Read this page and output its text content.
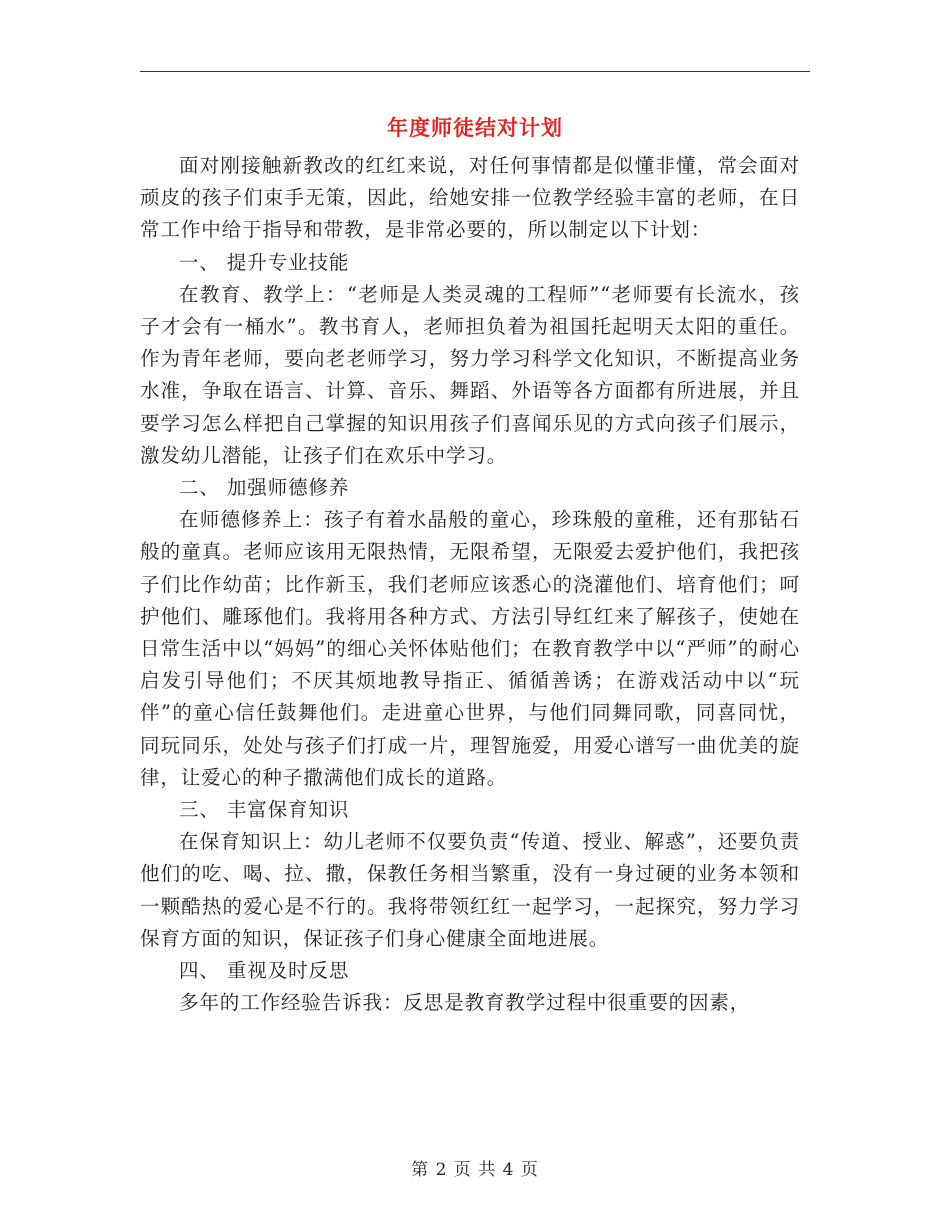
年度师徒结对计划

面对刚接触新教改的红红来说，对任何事情都是似懂非懂，常会面对顽皮的孩子们束手无策，因此，给她安排一位教学经验丰富的老师，在日常工作中给于指导和带教，是非常必要的，所以制定以下计划：

一、 提升专业技能

在教育、教学上：“老师是人类灵魂的工程师”“老师要有长流水，孩子才会有一桶水”。教书育人，老师担负着为祖国托起明天太阳的重任。作为青年老师，要向老老师学习，努力学习科学文化知识，不断提高业务水准，争取在语言、计算、音乐、舞蹈、外语等各方面都有所进展，并且要学习怎么样把自己掌握的知识用孩子们喜闻乐见的方式向孩子们展示，激发幼儿潜能，让孩子们在欢乐中学习。

二、 加强师德修养

在师德修养上：孩子有着水晶般的童心，珍珠般的童稚，还有那钻石般的童真。老师应该用无限热情，无限希望，无限爱去爱护他们，我把孩子们比作幼苗；比作新玉，我们老师应该悉心的浇灌他们、培育他们；呵护他们、雕琢他们。我将用各种方式、方法引导红红来了解孩子，使她在日常生活中以“妈妈”的细心关怀体贴他们；在教育教学中以“严师”的耐心启发引导他们；不厌其烦地教导指正、循循善诱；在游戏活动中以“玩伴”的童心信任鼓舞他们。走进童心世界，与他们同舞同歌，同喜同忧，同玩同乐，处处与孩子们打成一片，理智施爱，用爱心谱写一曲优美的旋律，让爱心的种子撒满他们成长的道路。

三、 丰富保育知识

在保育知识上：幼儿老师不仅要负责“传道、授业、解惑”，还要负责他们的吃、喝、拉、撒，保教任务相当繁重，没有一身过硬的业务本领和一颗酷热的爱心是不行的。我将带领红红一起学习，一起探究，努力学习保育方面的知识，保证孩子们身心健康全面地进展。

四、 重视及时反思

多年的工作经验告诉我：反思是教育教学过程中很重要的因素，

第 2 页 共 4 页
